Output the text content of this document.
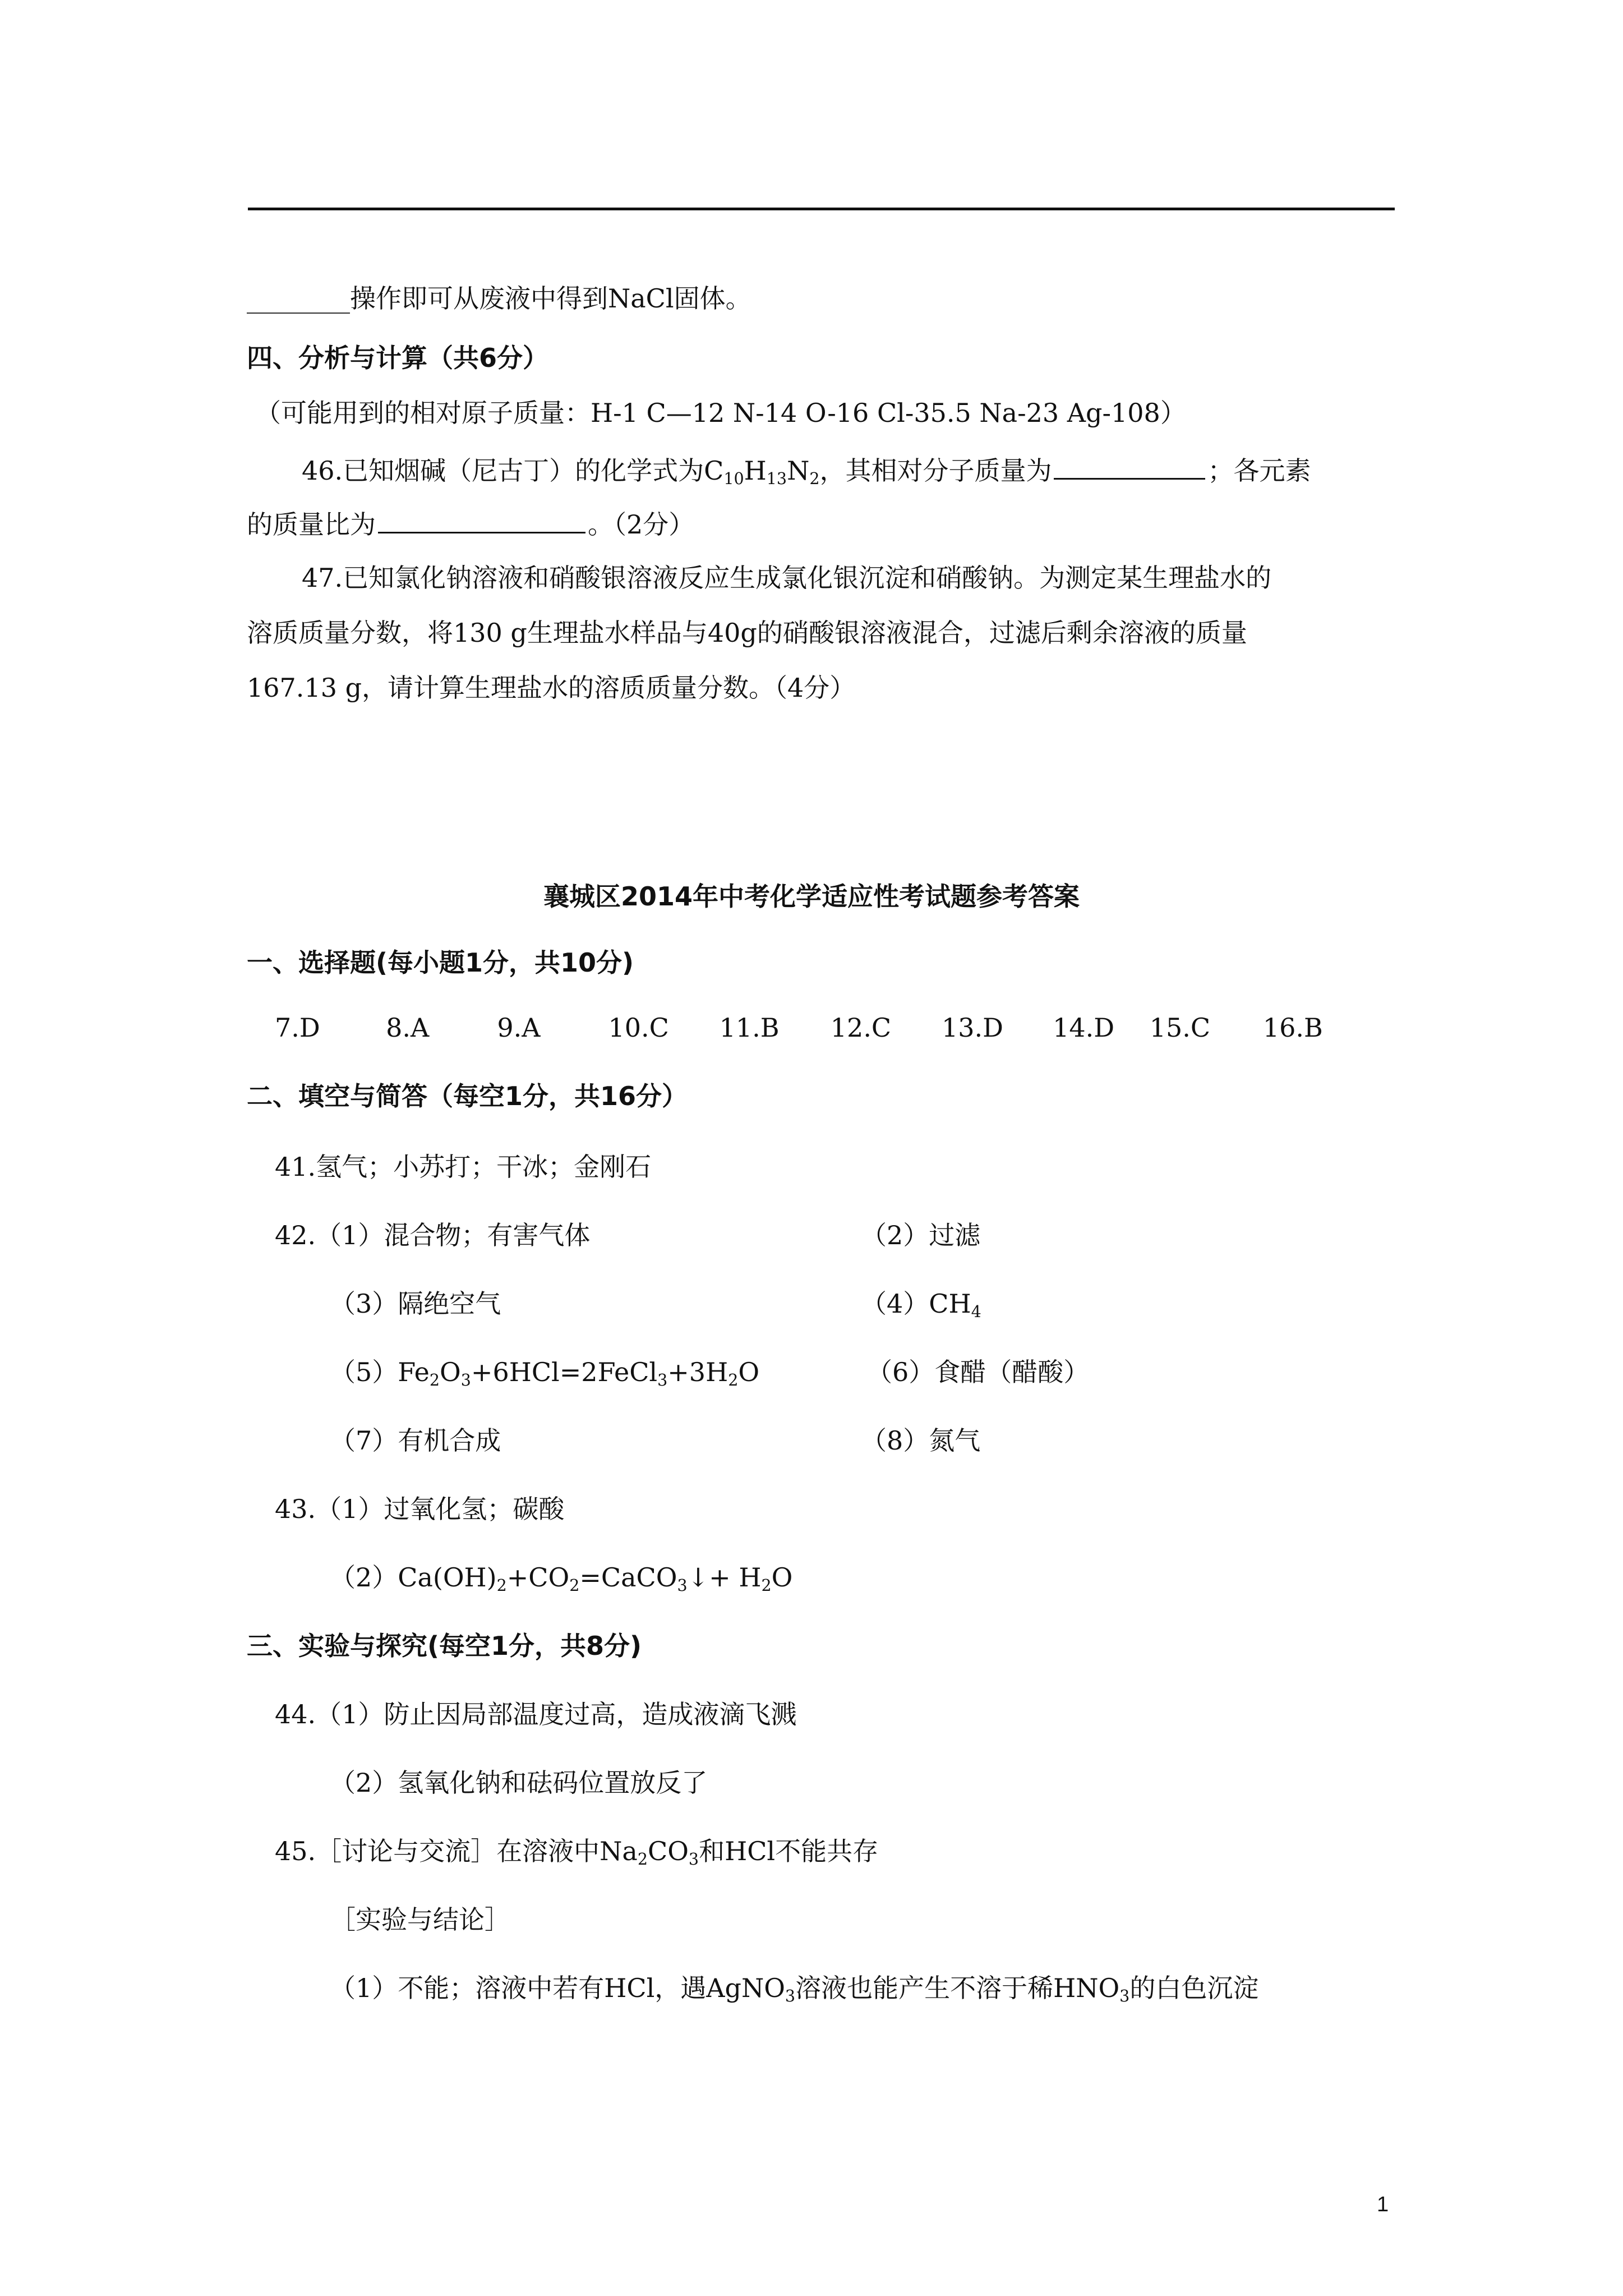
________操作即可从废液中得到NaCl固体。
四、分析与计算（共6分）
（可能用到的相对原子质量：H-1 C—12 N-14 O-16 Cl-35.5 Na-23 Ag-108）
46.已知烟碱（尼古丁）的化学式为$C_{10}H_{13}N_2$，其相对分子质量为	；各元素
的质量比为	。（2分）
47.已知氯化钠溶液和硝酸银溶液反应生成氯化银沉淀和硝酸钠。为测定某生理盐水的
溶质质量分数，将130 g生理盐水样品与40g的硝酸银溶液混合，过滤后剩余溶液的质量
167.13 g，请计算生理盐水的溶质质量分数。（4分）
襄城区2014年中考化学适应性考试题参考答案
一、选择题(每小题1分，共10分)
7.D	8.A	9.A	10.C	11.B	12.C	13.D	14.D	15.C	16.B
二、填空与简答（每空1分，共16分）
41.氢气；小苏打；干冰；金刚石
42.（1）混合物；有害气体	（2）过滤
（3）隔绝空气	$(4)CH_4$
$(5)Fe_2O_3+6HCl=2FeCl_3+3H_2O$	（6）食醋（醋酸）
（7）有机合成	（8）氮气
43.（1）过氧化氢；碳酸
$(2)Ca(OH)_2+CO_2=CaCO_3↓+ H_2O$
三、实验与探究(每空1分，共8分)
44.（1）防止因局部温度过高，造成液滴飞溅
（2）氢氧化钠和砝码位置放反了
45.［讨论与交流］在溶液中$Na_2CO_3$和HCl不能共存
［实验与结论］
（1）不能；溶液中若有HCl，遇AgNO$_3$溶液也能产生不溶于稀$HNO_3$的白色沉淀
1
